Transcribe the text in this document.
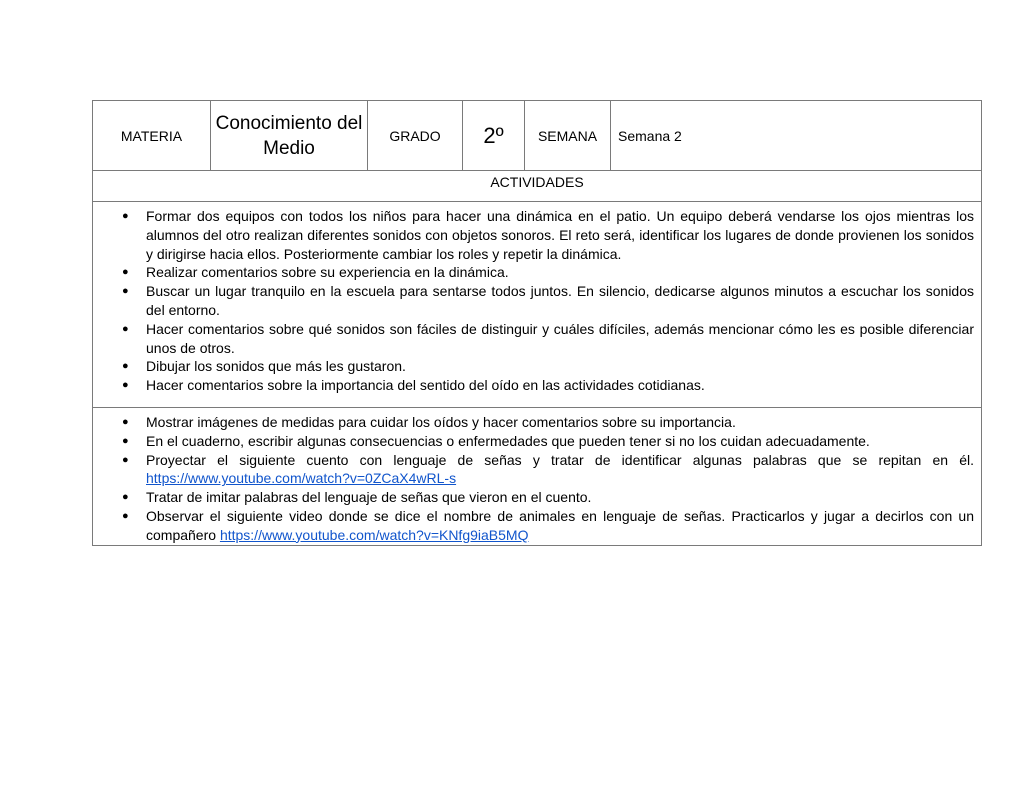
MATERIA	Conocimiento del Medio	GRADO	2º	SEMANA	Semana 2
ACTIVIDADES

● Formar dos equipos con todos los niños para hacer una dinámica en el patio. Un equipo deberá vendarse los ojos mientras los alumnos del otro realizan diferentes sonidos con objetos sonoros. El reto será, identificar los lugares de donde provienen los sonidos y dirigirse hacia ellos. Posteriormente cambiar los roles y repetir la dinámica.
● Realizar comentarios sobre su experiencia en la dinámica.
● Buscar un lugar tranquilo en la escuela para sentarse todos juntos. En silencio, dedicarse algunos minutos a escuchar los sonidos del entorno.
● Hacer comentarios sobre qué sonidos son fáciles de distinguir y cuáles difíciles, además mencionar cómo les es posible diferenciar unos de otros.
● Dibujar los sonidos que más les gustaron.
● Hacer comentarios sobre la importancia del sentido del oído en las actividades cotidianas.

● Mostrar imágenes de medidas para cuidar los oídos y hacer comentarios sobre su importancia.
● En el cuaderno, escribir algunas consecuencias o enfermedades que pueden tener si no los cuidan adecuadamente.
● Proyectar el siguiente cuento con lenguaje de señas y tratar de identificar algunas palabras que se repitan en él. https://www.youtube.com/watch?v=0ZCaX4wRL-s
● Tratar de imitar palabras del lenguaje de señas que vieron en el cuento.
● Observar el siguiente video donde se dice el nombre de animales en lenguaje de señas. Practicarlos y jugar a decirlos con un compañero https://www.youtube.com/watch?v=KNfg9iaB5MQ
